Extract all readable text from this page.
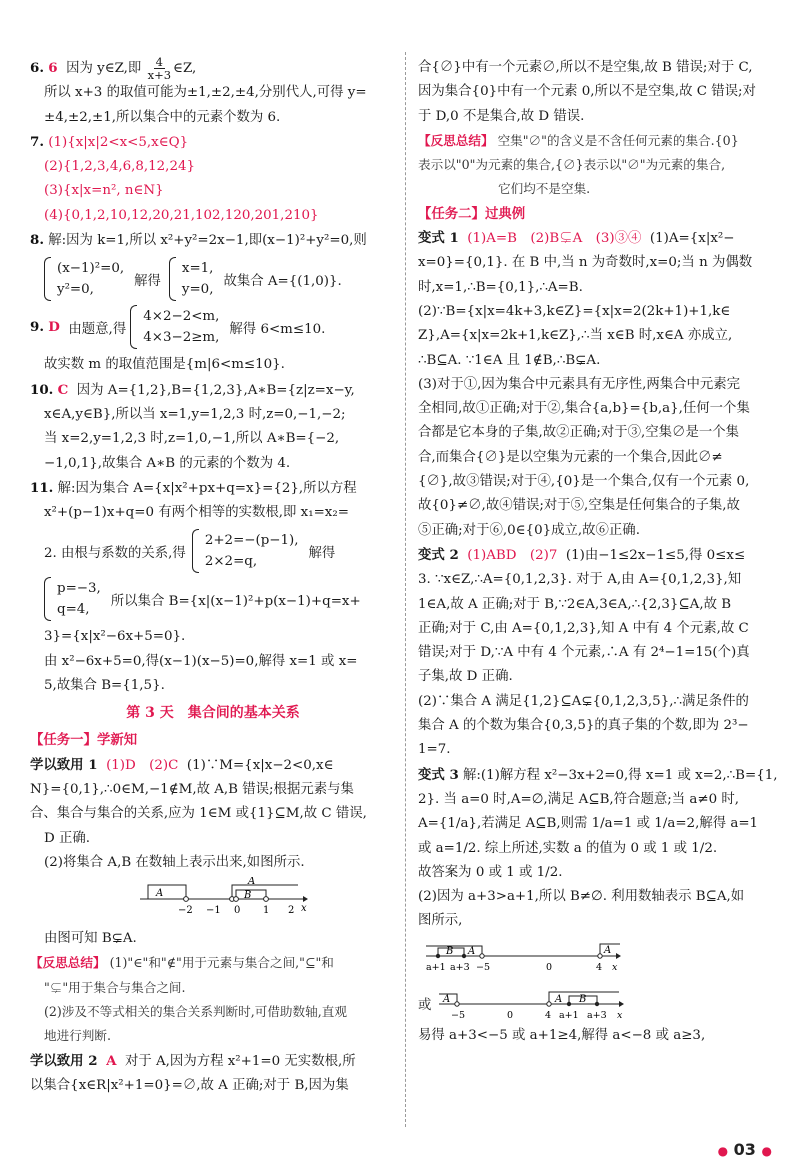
6. 6 因为 y∈Z,即 $\frac{4}{x+3}$ ∈Z,

所以 x+3 的取值可能为±1,±2,±4,分别代人,可得 y=

±4,±2,±1,所以集合中的元素个数为 6.

7. (1){x|x|2<x<5,x∈Q}

(2){1,2,3,4,6,8,12,24}

(3){x|x=n², n∈N}

(4){0,1,2,10,12,20,21,102,120,201,210}

8. 解:因为 k=1,所以 x²+y²=2x−1,即(x−1)²+y²=0,则

(x−1)²=0,
y²=0,
解得
x=1,
y=0,
故集合 A={(1,0)}.
9.
D
由题意,得
4×2−2<m,
4×3−2≥m,
解得 6<m≤10.

故实数 m 的取值范围是{m|6<m≤10}.

10. C 因为 A={1,2},B={1,2,3},A∗B={z|z=x−y,

x∈A,y∈B},所以当 x=1,y=1,2,3 时,z=0,−1,−2;

当 x=2,y=1,2,3 时,z=1,0,−1,所以 A∗B={−2,

−1,0,1},故集合 A∗B 的元素的个数为 4.

11. 解:因为集合 A={x|x²+px+q=x}={2},所以方程

x²+(p−1)x+q=0 有两个相等的实数根,即 x₁=x₂=

2. 由根与系数的关系,得
2+2=−(p−1),
2×2=q,
解得
p=−3,
q=4,
所以集合 B={x|(x−1)²+p(x−1)+q=x+

3}={x|x²−6x+5=0}.

由 x²−6x+5=0,得(x−1)(x−5)=0,解得 x=1 或 x=

5,故集合 B={1,5}.

第 3 天　集合间的基本关系

【任务一】学新知

学以致用 1 (1)D　(2)C (1)∵M={x|x−2<0,x∈

N}={0,1},∴0∈M,−1∉M,故 A,B 错误;根据元素与集

合、集合与集合的关系,应为 1∈M 或{1}⊆M,故 C 错误,

D 正确.

(2)将集合 A,B 在数轴上表示出来,如图所示.

A	B
A
−2 −1 0 1 2 x

由图可知 B⊊A.

【反思总结】 (1)"∈"和"∉"用于元素与集合之间,"⊆"和

"⊊"用于集合与集合之间.

(2)涉及不等式相关的集合关系判断时,可借助数轴,直观

地进行判断.

学以致用 2 A 对于 A,因为方程 x²+1=0 无实数根,所

以集合{x∈R|x²+1=0}=∅,故 A 正确;对于 B,因为集

合{∅}中有一个元素∅,所以不是空集,故 B 错误;对于 C,

因为集合{0}中有一个元素 0,所以不是空集,故 C 错误;对

于 D,0 不是集合,故 D 错误.

【反思总结】 空集"∅"的含义是不含任何元素的集合.{0}

表示以"0"为元素的集合,{∅}表示以"∅"为元素的集合,

它们均不是空集.

【任务二】过典例

变式 1 (1)A=B　(2)B⊊A　(3)③④ (1)A={x|x²−

x=0}={0,1}. 在 B 中,当 n 为奇数时,x=0;当 n 为偶数

时,x=1,∴B={0,1},∴A=B.

(2)∵B={x|x=4k+3,k∈Z}={x|x=2(2k+1)+1,k∈

Z},A={x|x=2k+1,k∈Z},∴当 x∈B 时,x∈A 亦成立,

∴B⊆A. ∵1∈A 且 1∉B,∴B⊊A.

(3)对于①,因为集合中元素具有无序性,两集合中元素完

全相同,故①正确;对于②,集合{a,b}={b,a},任何一个集

合都是它本身的子集,故②正确;对于③,空集∅是一个集

合,而集合{∅}是以空集为元素的一个集合,因此∅≠

{∅},故③错误;对于④,{0}是一个集合,仅有一个元素 0,

故{0}≠∅,故④错误;对于⑤,空集是任何集合的子集,故

⑤正确;对于⑥,0∈{0}成立,故⑥正确.

变式 2 (1)ABD　(2)7 (1)由−1≤2x−1≤5,得 0≤x≤

3. ∵x∈Z,∴A={0,1,2,3}. 对于 A,由 A={0,1,2,3},知

1∈A,故 A 正确;对于 B,∵2∈A,3∈A,∴{2,3}⊆A,故 B

正确;对于 C,由 A={0,1,2,3},知 A 中有 4 个元素,故 C

错误;对于 D,∵A 中有 4 个元素,∴A 有 2⁴−1=15(个)真

子集,故 D 正确.

(2)∵集合 A 满足{1,2}⊆A⊊{0,1,2,3,5},∴满足条件的

集合 A 的个数为集合{0,3,5}的真子集的个数,即为 2³−

1=7.

变式 3 解:(1)解方程 x²−3x+2=0,得 x=1 或 x=2,∴B={1,

2}. 当 a=0 时,A=∅,满足 A⊆B,符合题意;当 a≠0 时,

A={1/a},若满足 A⊆B,则需 1/a=1 或 1/a=2,解得 a=1

或 a=1/2. 综上所述,实数 a 的值为 0 或 1 或 1/2.

故答案为 0 或 1 或 1/2.

(2)因为 a+3>a+1,所以 B≠∅. 利用数轴表示 B⊆A,如

图所示,

B A	A
a+1 a+3 −5	0	4 x
或 A	A B
−5	0	4 a+1 a+3 x

易得 a+3<−5 或 a+1≥4,解得 a<−8 或 a≥3,

● 03 ●
